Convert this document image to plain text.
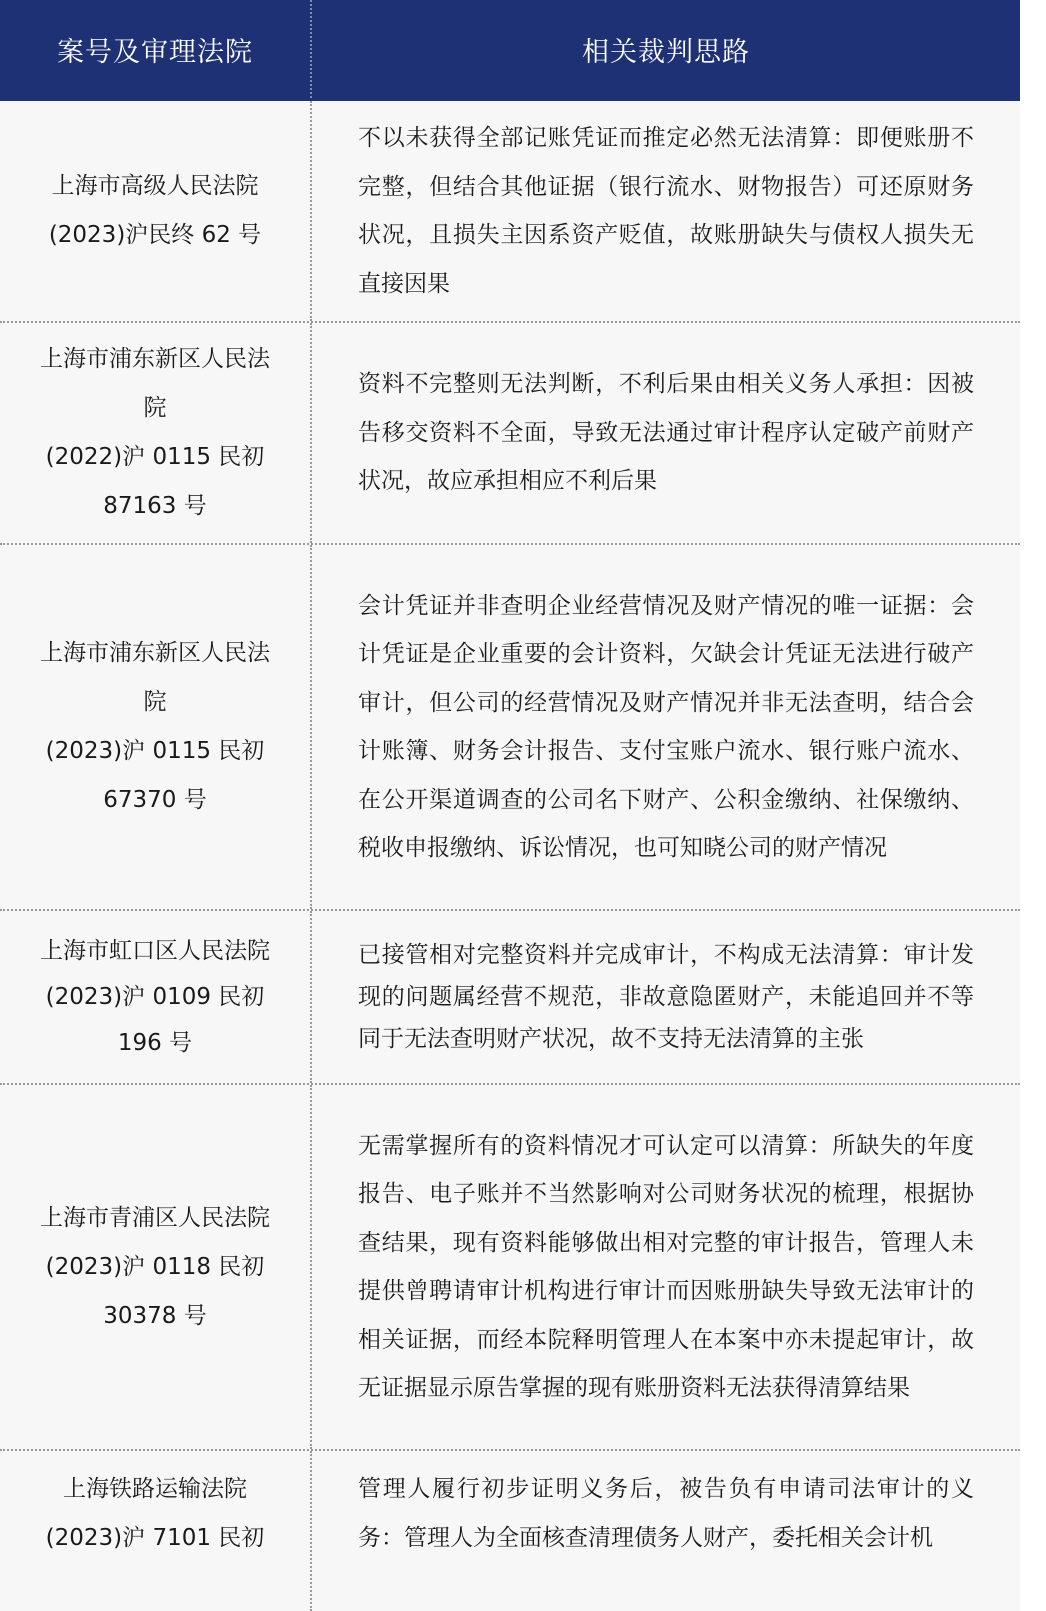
案号及审理法院	相关裁判思路
上海市高级人民法院
(2023)沪民终 62 号
不以未获得全部记账凭证而推定必然无法清算：即便账册不完整，但结合其他证据（银行流水、财物报告）可还原财务状况，且损失主因系资产贬值，故账册缺失与债权人损失无直接因果
上海市浦东新区人民法
院
(2022)沪 0115 民初
87163 号
资料不完整则无法判断，不利后果由相关义务人承担：因被告移交资料不全面，导致无法通过审计程序认定破产前财产状况，故应承担相应不利后果
上海市浦东新区人民法
院
(2023)沪 0115 民初
67370 号
会计凭证并非查明企业经营情况及财产情况的唯一证据：会计凭证是企业重要的会计资料，欠缺会计凭证无法进行破产审计，但公司的经营情况及财产情况并非无法查明，结合会计账簿、财务会计报告、支付宝账户流水、银行账户流水、在公开渠道调查的公司名下财产、公积金缴纳、社保缴纳、税收申报缴纳、诉讼情况，也可知晓公司的财产情况
上海市虹口区人民法院
(2023)沪 0109 民初
196 号
已接管相对完整资料并完成审计，不构成无法清算：审计发现的问题属经营不规范，非故意隐匿财产，未能追回并不等同于无法查明财产状况，故不支持无法清算的主张
上海市青浦区人民法院
(2023)沪 0118 民初
30378 号
无需掌握所有的资料情况才可认定可以清算：所缺失的年度报告、电子账并不当然影响对公司财务状况的梳理，根据协查结果，现有资料能够做出相对完整的审计报告，管理人未提供曾聘请审计机构进行审计而因账册缺失导致无法审计的相关证据，而经本院释明管理人在本案中亦未提起审计，故无证据显示原告掌握的现有账册资料无法获得清算结果
上海铁路运输法院
(2023)沪 7101 民初
管理人履行初步证明义务后，被告负有申请司法审计的义务：管理人为全面核查清理债务人财产，委托相关会计机
